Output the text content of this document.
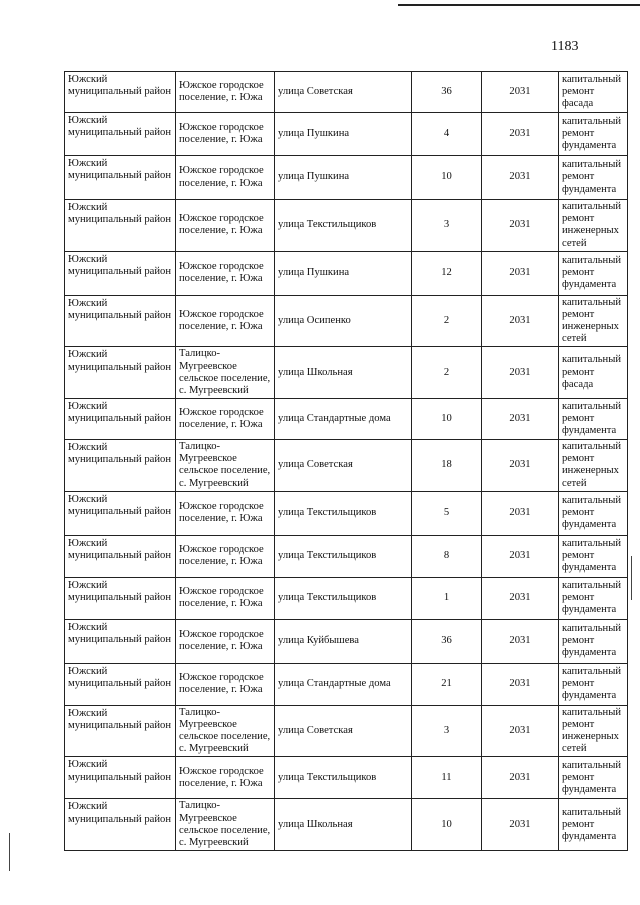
1183
Южский муниципальный район	Южское городское поселение, г. Южа	улица Советская	36	2031	капитальный ремонт фасада
Южский муниципальный район	Южское городское поселение, г. Южа	улица Пушкина	4	2031	капитальный ремонт фундамента
Южский муниципальный район	Южское городское поселение, г. Южа	улица Пушкина	10	2031	капитальный ремонт фундамента
Южский муниципальный район	Южское городское поселение, г. Южа	улица Текстильщиков	3	2031	капитальный ремонт инженерных сетей
Южский муниципальный район	Южское городское поселение, г. Южа	улица Пушкина	12	2031	капитальный ремонт фундамента
Южский муниципальный район	Южское городское поселение, г. Южа	улица Осипенко	2	2031	капитальный ремонт инженерных сетей
Южский муниципальный район	Талицко-Мугреевское сельское поселение, с. Мугреевский	улица Школьная	2	2031	капитальный ремонт фасада
Южский муниципальный район	Южское городское поселение, г. Южа	улица Стандартные дома	10	2031	капитальный ремонт фундамента
Южский муниципальный район	Талицко-Мугреевское сельское поселение, с. Мугреевский	улица Советская	18	2031	капитальный ремонт инженерных сетей
Южский муниципальный район	Южское городское поселение, г. Южа	улица Текстильщиков	5	2031	капитальный ремонт фундамента
Южский муниципальный район	Южское городское поселение, г. Южа	улица Текстильщиков	8	2031	капитальный ремонт фундамента
Южский муниципальный район	Южское городское поселение, г. Южа	улица Текстильщиков	1	2031	капитальный ремонт фундамента
Южский муниципальный район	Южское городское поселение, г. Южа	улица Куйбышева	36	2031	капитальный ремонт фундамента
Южский муниципальный район	Южское городское поселение, г. Южа	улица Стандартные дома	21	2031	капитальный ремонт фундамента
Южский муниципальный район	Талицко-Мугреевское сельское поселение, с. Мугреевский	улица Советская	3	2031	капитальный ремонт инженерных сетей
Южский муниципальный район	Южское городское поселение, г. Южа	улица Текстильщиков	11	2031	капитальный ремонт фундамента
Южский муниципальный район	Талицко-Мугреевское сельское поселение, с. Мугреевский	улица Школьная	10	2031	капитальный ремонт фундамента
